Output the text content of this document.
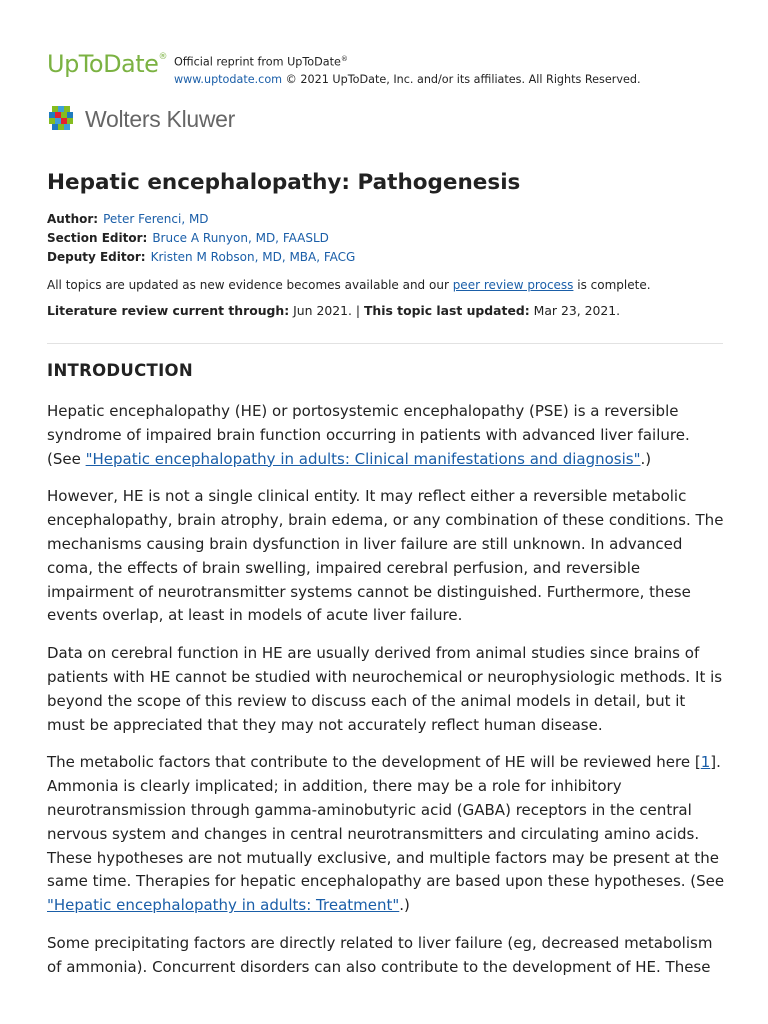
UpToDate® Official reprint from UpToDate®
www.uptodate.com © 2021 UpToDate, Inc. and/or its affiliates. All Rights Reserved.
Wolters Kluwer
Hepatic encephalopathy: Pathogenesis
Author: Peter Ferenci, MD
Section Editor: Bruce A Runyon, MD, FAASLD
Deputy Editor: Kristen M Robson, MD, MBA, FACG
All topics are updated as new evidence becomes available and our peer review process is complete.
Literature review current through: Jun 2021. | This topic last updated: Mar 23, 2021.
INTRODUCTION

Hepatic encephalopathy (HE) or portosystemic encephalopathy (PSE) is a reversible syndrome of impaired brain function occurring in patients with advanced liver failure. (See "Hepatic encephalopathy in adults: Clinical manifestations and diagnosis".)

However, HE is not a single clinical entity. It may reflect either a reversible metabolic encephalopathy, brain atrophy, brain edema, or any combination of these conditions. The mechanisms causing brain dysfunction in liver failure are still unknown. In advanced coma, the effects of brain swelling, impaired cerebral perfusion, and reversible impairment of neurotransmitter systems cannot be distinguished. Furthermore, these events overlap, at least in models of acute liver failure.

Data on cerebral function in HE are usually derived from animal studies since brains of patients with HE cannot be studied with neurochemical or neurophysiologic methods. It is beyond the scope of this review to discuss each of the animal models in detail, but it must be appreciated that they may not accurately reflect human disease.

The metabolic factors that contribute to the development of HE will be reviewed here [1]. Ammonia is clearly implicated; in addition, there may be a role for inhibitory neurotransmission through gamma-aminobutyric acid (GABA) receptors in the central nervous system and changes in central neurotransmitters and circulating amino acids. These hypotheses are not mutually exclusive, and multiple factors may be present at the same time. Therapies for hepatic encephalopathy are based upon these hypotheses. (See "Hepatic encephalopathy in adults: Treatment".)

Some precipitating factors are directly related to liver failure (eg, decreased metabolism of ammonia). Concurrent disorders can also contribute to the development of HE. These
